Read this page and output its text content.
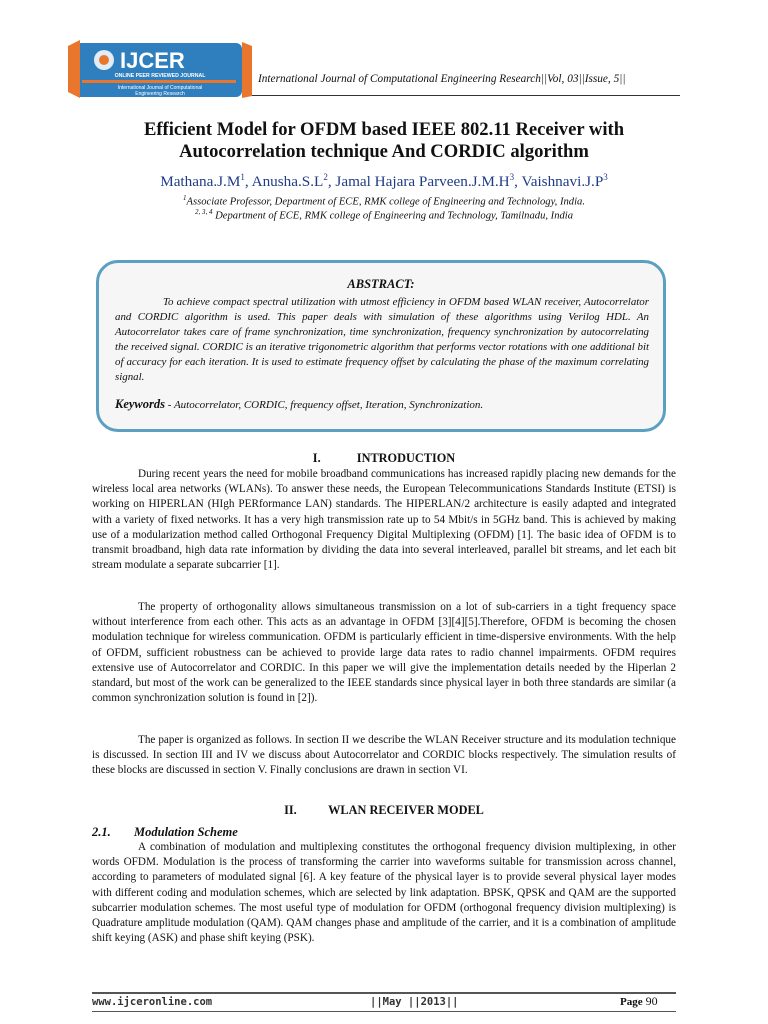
IJCER
ONLINE PEER REVIEWED JOURNAL
International Journal of Computational
Engineering Research
International Journal of Computational Engineering Research||Vol, 03||Issue, 5||
Efficient Model for OFDM based IEEE 802.11 Receiver with
Autocorrelation technique And CORDIC algorithm
$Mathana.J.M^1$, $Anusha.S.L^2$, Jamal Hajara $Parveen.J.M.H^3$, $Vaishnavi.J.P^3$
$^1$Associate Professor, Department of ECE, RMK college of Engineering and Technology, India.
$^{2, 3, 4}$ Department of ECE, RMK college of Engineering and Technology, Tamilnadu, India
ABSTRACT:
To achieve compact spectral utilization with utmost efficiency in OFDM based WLAN receiver, Autocorrelator and CORDIC algorithm is used. This paper deals with simulation of these algorithms using Verilog HDL. An Autocorrelator takes care of frame synchronization, time synchronization, frequency synchronization by autocorrelating the received signal. CORDIC is an iterative trigonometric algorithm that performs vector rotations with one additional bit of accuracy for each iteration. It is used to estimate frequency offset by calculating the phase of the maximum correlating signal.
Keywords - Autocorrelator, CORDIC, frequency offset, Iteration, Synchronization.
I.	INTRODUCTION
During recent years the need for mobile broadband communications has increased rapidly placing new demands for the wireless local area networks (WLANs). To answer these needs, the European Telecommunications Standards Institute (ETSI) is working on HIPERLAN (HIgh PERformance LAN) standards. The HIPERLAN/2 architecture is easily adapted and integrated with a variety of fixed networks. It has a very high transmission rate up to 54 Mbit/s in 5GHz band. This is achieved by making use of a modularization method called Orthogonal Frequency Digital Multiplexing (OFDM) [1]. The basic idea of OFDM is to transmit broadband, high data rate information by dividing the data into several interleaved, parallel bit streams, and let each bit stream modulate a separate subcarrier [1].
The property of orthogonality allows simultaneous transmission on a lot of sub-carriers in a tight frequency space without interference from each other. This acts as an advantage in OFDM [3][4][5].Therefore, OFDM is becoming the chosen modulation technique for wireless communication. OFDM is particularly efficient in time-dispersive environments. With the help of OFDM, sufficient robustness can be achieved to provide large data rates to radio channel impairments. OFDM requires extensive use of Autocorrelator and CORDIC. In this paper we will give the implementation details needed by the Hiperlan 2 standard, but most of the work can be generalized to the IEEE standards since physical layer in both three standards are similar (a common synchronization solution is found in [2]).
The paper is organized as follows. In section II we describe the WLAN Receiver structure and its modulation technique is discussed. In section III and IV we discuss about Autocorrelator and CORDIC blocks respectively. The simulation results of these blocks are discussed in section V. Finally conclusions are drawn in section VI.
II.	WLAN RECEIVER MODEL
2.1. Modulation Scheme
A combination of modulation and multiplexing constitutes the orthogonal frequency division multiplexing, in other words OFDM. Modulation is the process of transforming the carrier into waveforms suitable for transmission across channel, according to parameters of modulated signal [6]. A key feature of the physical layer is to provide several physical layer modes with different coding and modulation schemes, which are selected by link adaptation. BPSK, QPSK and QAM are the supported subcarrier modulation schemes. The most useful type of modulation for OFDM (orthogonal frequency division multiplexing) is Quadrature amplitude modulation (QAM). QAM changes phase and amplitude of the carrier, and it is a combination of amplitude shift keying (ASK) and phase shift keying (PSK).
www.ijceronline.com	||May ||2013||	Page 90
